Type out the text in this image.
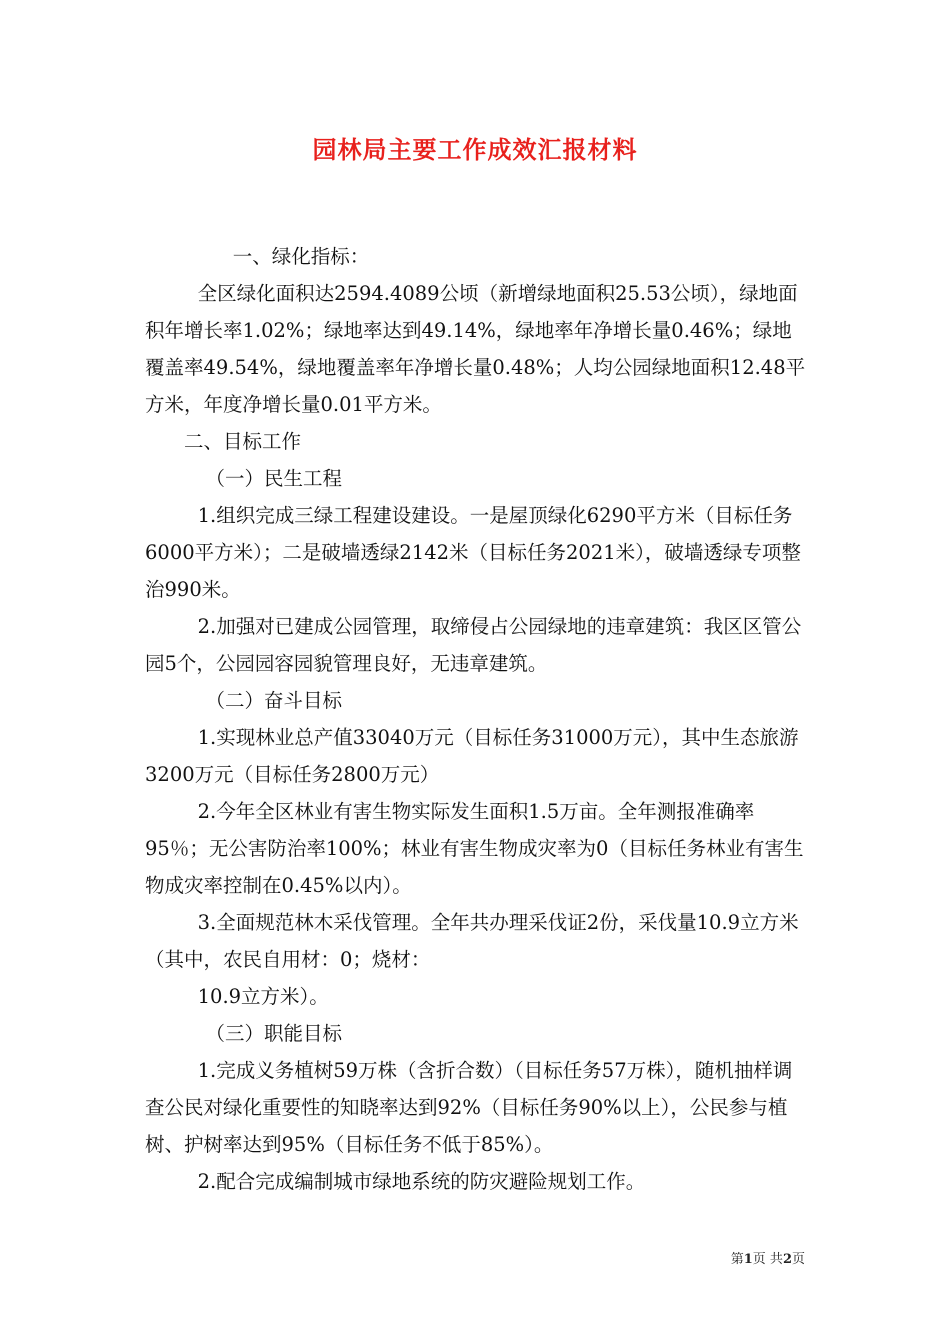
园林局主要工作成效汇报材料

一、绿化指标：

全区绿化面积达2594.4089公顷（新增绿地面积25.53公顷），绿地面积年增长率1.02%；绿地率达到49.14%，绿地率年净增长量0.46%；绿地覆盖率49.54%，绿地覆盖率年净增长量0.48%；人均公园绿地面积12.48平方米，年度净增长量0.01平方米。

二、目标工作

（一）民生工程

1.组织完成三绿工程建设建设。一是屋顶绿化6290平方米（目标任务6000平方米）；二是破墙透绿2142米（目标任务2021米），破墙透绿专项整治990米。

2.加强对已建成公园管理，取缔侵占公园绿地的违章建筑：我区区管公园5个，公园园容园貌管理良好，无违章建筑。

（二）奋斗目标

1.实现林业总产值33040万元（目标任务31000万元），其中生态旅游3200万元（目标任务2800万元）

2.今年全区林业有害生物实际发生面积1.5万亩。全年测报准确率95％；无公害防治率100%；林业有害生物成灾率为0（目标任务林业有害生物成灾率控制在0.45%以内）。

3.全面规范林木采伐管理。全年共办理采伐证2份，采伐量10.9立方米（其中，农民自用材：0；烧材：

10.9立方米）。

（三）职能目标

1.完成义务植树59万株（含折合数）（目标任务57万株），随机抽样调查公民对绿化重要性的知晓率达到92%（目标任务90%以上），公民参与植树、护树率达到95%（目标任务不低于85%）。

2.配合完成编制城市绿地系统的防灾避险规划工作。

第1页 共2页
